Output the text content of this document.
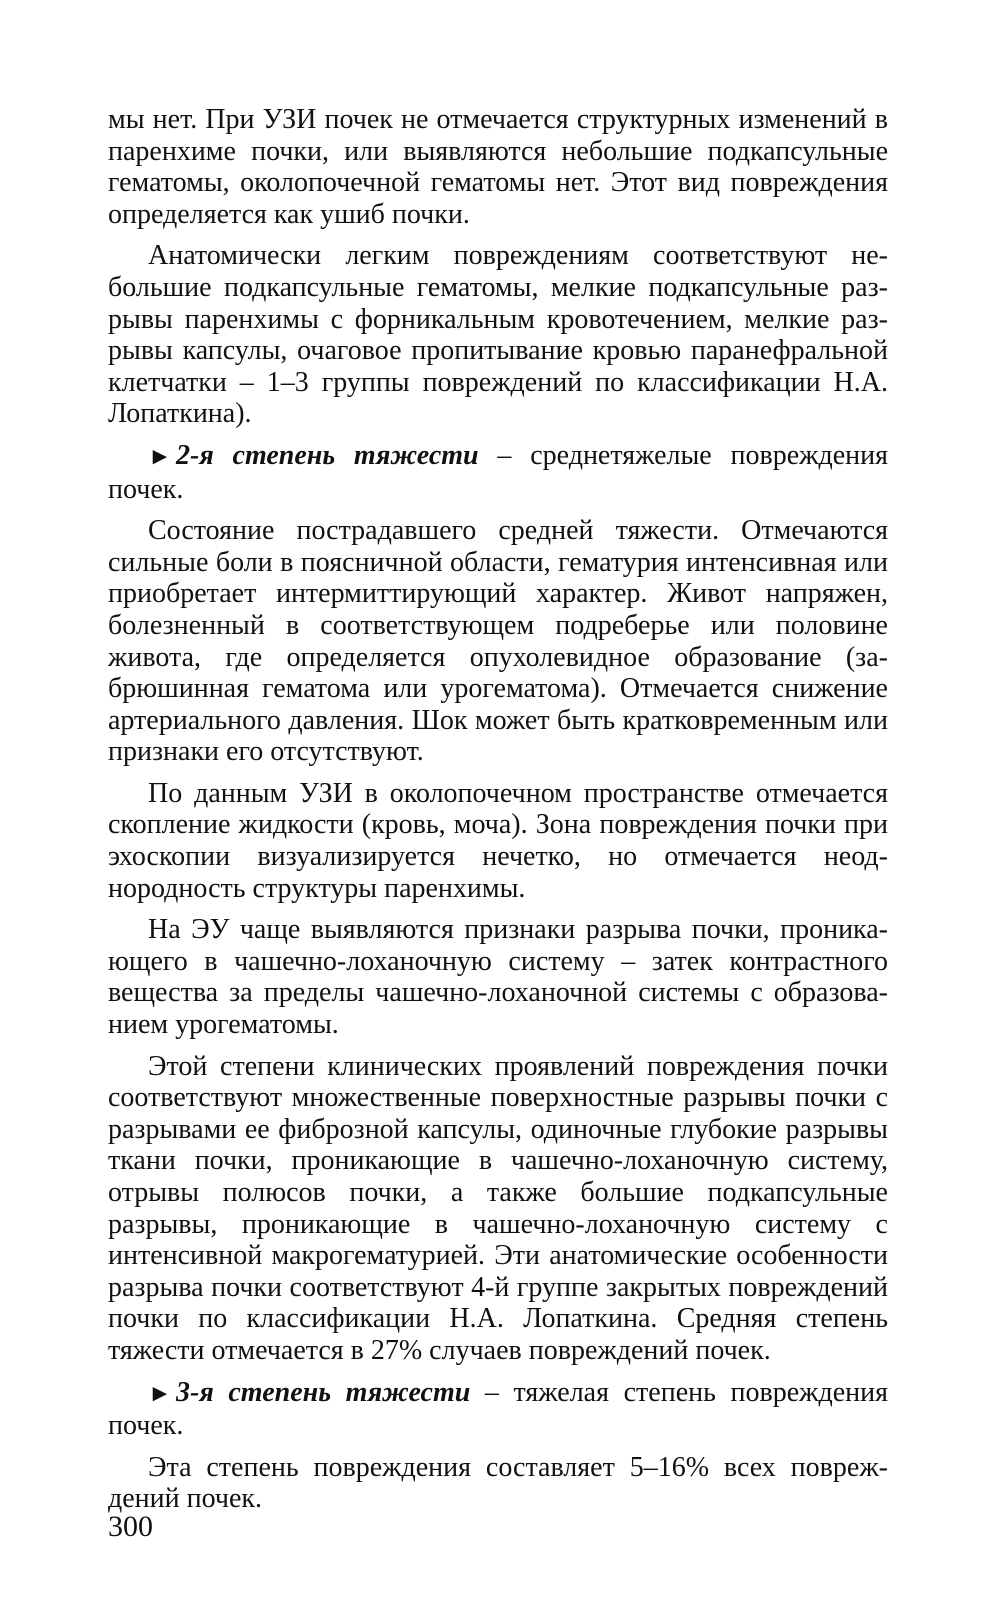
мы нет. При УЗИ почек не отмечается структурных изменений в паренхиме почки, или выявляются небольшие подкапсульные гематомы, околопочечной гематомы нет. Этот вид повреждения определяется как ушиб почки.

Анатомически легким повреждениям соответствуют небольшие подкапсульные гематомы, мелкие подкапсульные разрывы паренхимы с форникальным кровотечением, мелкие разрывы капсулы, очаговое пропитывание кровью паранефральной клетчатки – 1–3 группы повреждений по классификации Н.А. Лопаткина).

► 2-я степень тяжести – среднетяжелые повреждения почек.

Состояние пострадавшего средней тяжести. Отмечаются сильные боли в поясничной области, гематурия интенсивная или приобретает интермиттирующий характер. Живот напряжен, болезненный в соответствующем подреберье или половине живота, где определяется опухолевидное образование (забрюшинная гематома или урогематома). Отмечается снижение артериального давления. Шок может быть кратковременным или признаки его отсутствуют.

По данным УЗИ в околопочечном пространстве отмечается скопление жидкости (кровь, моча). Зона повреждения почки при эхоскопии визуализируется нечетко, но отмечается неоднородность структуры паренхимы.

На ЭУ чаще выявляются признаки разрыва почки, проникающего в чашечно-лоханочную систему – затек контрастного вещества за пределы чашечно-лоханочной системы с образованием урогематомы.

Этой степени клинических проявлений повреждения почки соответствуют множественные поверхностные разрывы почки с разрывами ее фиброзной капсулы, одиночные глубокие разрывы ткани почки, проникающие в чашечно-лоханочную систему, отрывы полюсов почки, а также большие подкапсульные разрывы, проникающие в чашечно-лоханочную систему с интенсивной макрогематурией. Эти анатомические особенности разрыва почки соответствуют 4-й группе закрытых повреждений почки по классификации Н.А. Лопаткина. Средняя степень тяжести отмечается в 27% случаев повреждений почек.

► 3-я степень тяжести – тяжелая степень повреждения почек.

Эта степень повреждения составляет 5–16% всех повреждений почек.

300
